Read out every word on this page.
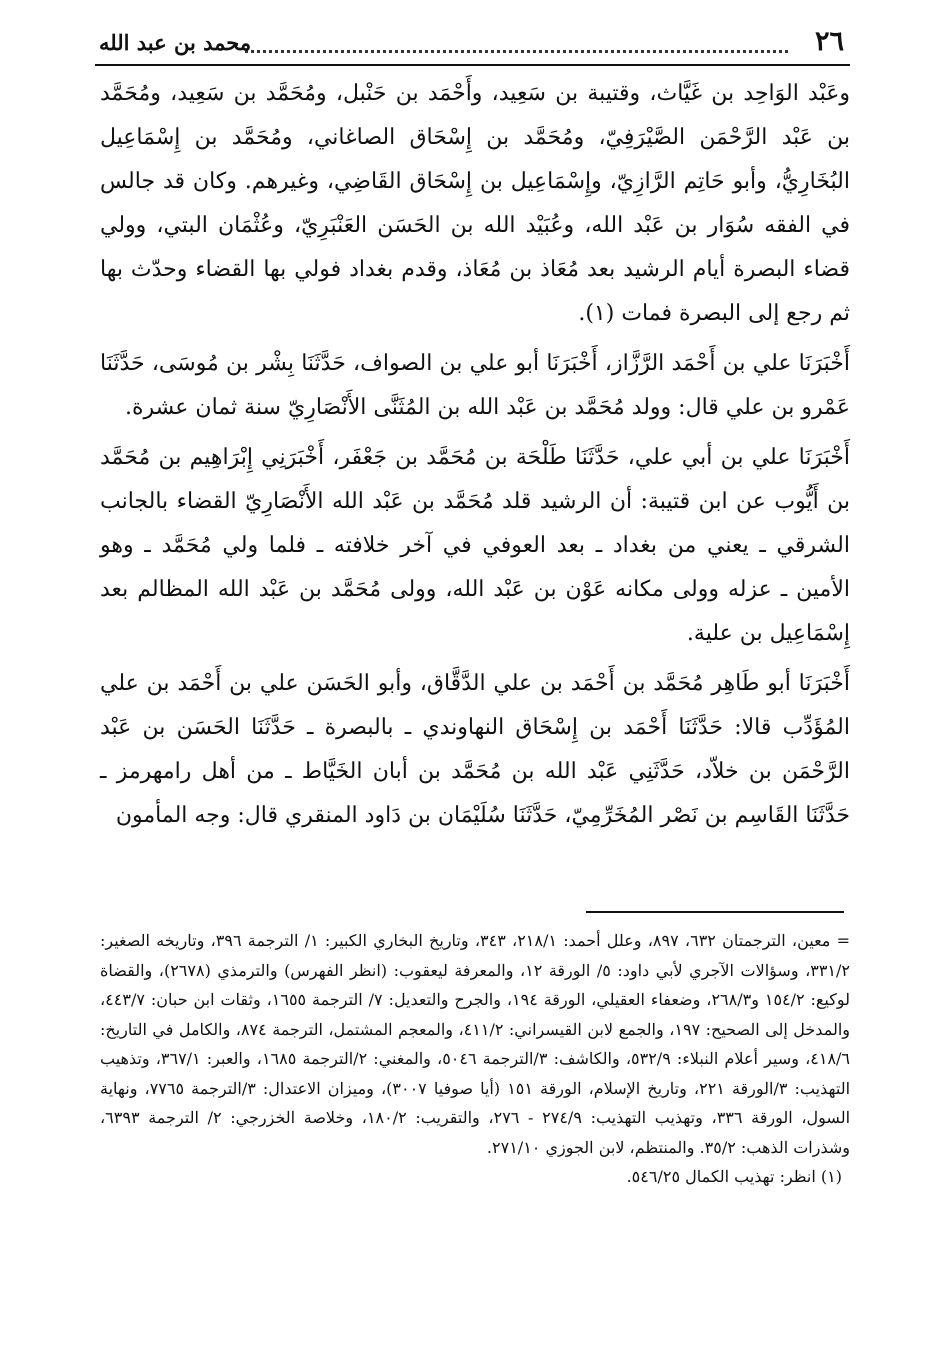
٢٦
محمد بن عبد الله

وعَبْد الوَاحِد بن غَيَّاث، وقتيبة بن سَعِيد، وأَحْمَد بن حَنْبل، ومُحَمَّد بن سَعِيد، ومُحَمَّد بن عَبْد الرَّحْمَن الصَّيْرَفِيّ، ومُحَمَّد بن إِسْحَاق الصاغاني، ومُحَمَّد بن إِسْمَاعِيل البُخَارِيُّ، وأبو حَاتِم الرَّازِيّ، وإِسْمَاعِيل بن إِسْحَاق القَاضِي، وغيرهم. وكان قد جالس في الفقه سُوَار بن عَبْد الله، وعُبَيْد الله بن الحَسَن العَنْبَرِيّ، وعُثْمَان البتي، وولي قضاء البصرة أيام الرشيد بعد مُعَاذ بن مُعَاذ، وقدم بغداد فولي بها القضاء وحدّث بها ثم رجع إلى البصرة فمات (١).

أَخْبَرَنَا علي بن أَحْمَد الرَّزَّاز، أَخْبَرَنَا أبو علي بن الصواف، حَدَّثَنَا بِشْر بن مُوسَى، حَدَّثَنَا عَمْرو بن علي قال: وولد مُحَمَّد بن عَبْد الله بن المُثَنَّى الأَنْصَارِيّ سنة ثمان عشرة.

أَخْبَرَنَا علي بن أبي علي، حَدَّثَنَا طَلْحَة بن مُحَمَّد بن جَعْفَر، أَخْبَرَنِي إِبْرَاهِيم بن مُحَمَّد بن أَيُّوب عن ابن قتيبة: أن الرشيد قلد مُحَمَّد بن عَبْد الله الأَنْصَارِيّ القضاء بالجانب الشرقي ـ يعني من بغداد ـ بعد العوفي في آخر خلافته ـ فلما ولي مُحَمَّد ـ وهو الأمين ـ عزله وولى مكانه عَوْن بن عَبْد الله، وولى مُحَمَّد بن عَبْد الله المظالم بعد إِسْمَاعِيل بن علية.

أَخْبَرَنَا أبو طَاهِر مُحَمَّد بن أَحْمَد بن علي الدَّقَّاق، وأبو الحَسَن علي بن أَحْمَد بن علي المُؤَدِّب قالا: حَدَّثَنَا أَحْمَد بن إِسْحَاق النهاوندي ـ بالبصرة ـ حَدَّثَنَا الحَسَن بن عَبْد الرَّحْمَن بن خلاّد، حَدَّثَنِي عَبْد الله بن مُحَمَّد بن أبان الخَيَّاط ـ من أهل رامهرمز ـ حَدَّثَنَا القَاسِم بن نَصْر المُخَرِّمِيّ، حَدَّثَنَا سُلَيْمَان بن دَاود المنقري قال: وجه المأمون

= معين، الترجمتان ٦٣٢، ٨٩٧، وعلل أحمد: ٢١٨/١، ٣٤٣، وتاريخ البخاري الكبير: ١/ الترجمة ٣٩٦، وتاريخه الصغير: ٣٣١/٢، وسؤالات الآجري لأبي داود: ٥/ الورقة ١٢، والمعرفة ليعقوب: (انظر الفهرس) والترمذي (٢٦٧٨)، والقضاة لوكيع: ١٥٤/٢ و٢٦٨/٣، وضعفاء العقيلي، الورقة ١٩٤، والجرح والتعديل: ٧/ الترجمة ١٦٥٥، وثقات ابن حبان: ٤٤٣/٧، والمدخل إلى الصحيح: ١٩٧، والجمع لابن القيسراني: ٤١١/٢، والمعجم المشتمل، الترجمة ٨٧٤، والكامل في التاريخ: ٤١٨/٦، وسير أعلام النبلاء: ٥٣٢/٩، والكاشف: ٣/الترجمة ٥٠٤٦، والمغني: ٢/الترجمة ١٦٨٥، والعبر: ٣٦٧/١، وتذهيب التهذيب: ٣/الورقة ٢٢١، وتاريخ الإسلام، الورقة ١٥١ (أيا صوفيا ٣٠٠٧)، وميزان الاعتدال: ٣/الترجمة ٧٧٦٥، ونهاية السول، الورقة ٣٣٦، وتهذيب التهذيب: ٢٧٤/٩ - ٢٧٦، والتقريب: ١٨٠/٢، وخلاصة الخزرجي: ٢/ الترجمة ٦٣٩٣، وشذرات الذهب: ٣٥/٢. والمنتظم، لابن الجوزي ٢٧١/١٠.

(١) انظر: تهذيب الكمال ٥٤٦/٢٥.
